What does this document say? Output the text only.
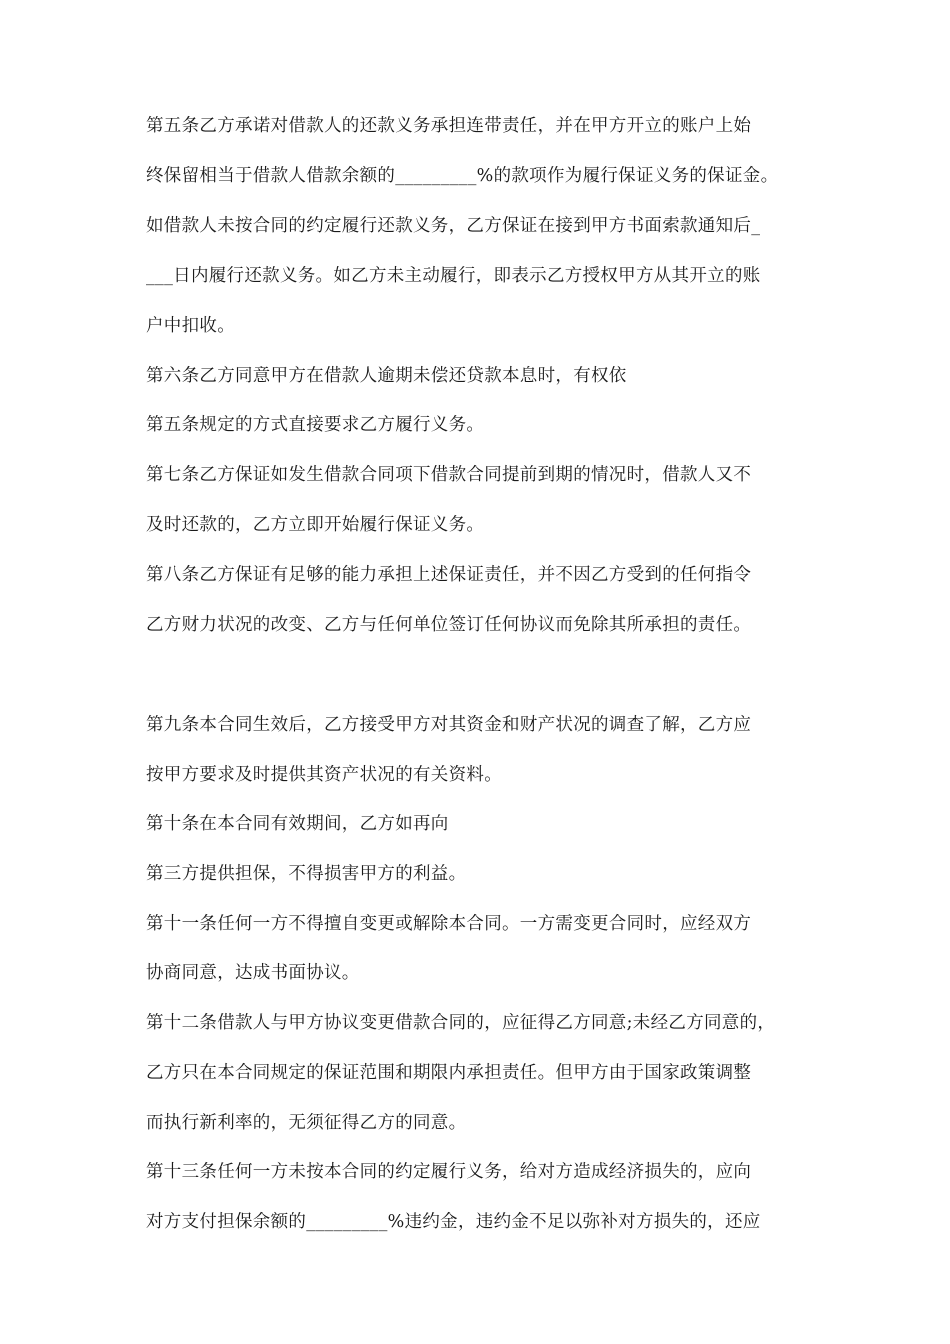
第五条乙方承诺对借款人的还款义务承担连带责任，并在甲方开立的账户上始
终保留相当于借款人借款余额的_________%的款项作为履行保证义务的保证金。
如借款人未按合同的约定履行还款义务，乙方保证在接到甲方书面索款通知后_
___日内履行还款义务。如乙方未主动履行，即表示乙方授权甲方从其开立的账
户中扣收。
第六条乙方同意甲方在借款人逾期未偿还贷款本息时，有权依
第五条规定的方式直接要求乙方履行义务。
第七条乙方保证如发生借款合同项下借款合同提前到期的情况时，借款人又不
及时还款的，乙方立即开始履行保证义务。
第八条乙方保证有足够的能力承担上述保证责任，并不因乙方受到的任何指令
乙方财力状况的改变、乙方与任何单位签订任何协议而免除其所承担的责任。
第九条本合同生效后，乙方接受甲方对其资金和财产状况的调查了解，乙方应
按甲方要求及时提供其资产状况的有关资料。
第十条在本合同有效期间，乙方如再向
第三方提供担保，不得损害甲方的利益。
第十一条任何一方不得擅自变更或解除本合同。一方需变更合同时，应经双方
协商同意，达成书面协议。
第十二条借款人与甲方协议变更借款合同的，应征得乙方同意;未经乙方同意的，
乙方只在本合同规定的保证范围和期限内承担责任。但甲方由于国家政策调整
而执行新利率的，无须征得乙方的同意。
第十三条任何一方未按本合同的约定履行义务，给对方造成经济损失的，应向
对方支付担保余额的_________%违约金，违约金不足以弥补对方损失的，还应
